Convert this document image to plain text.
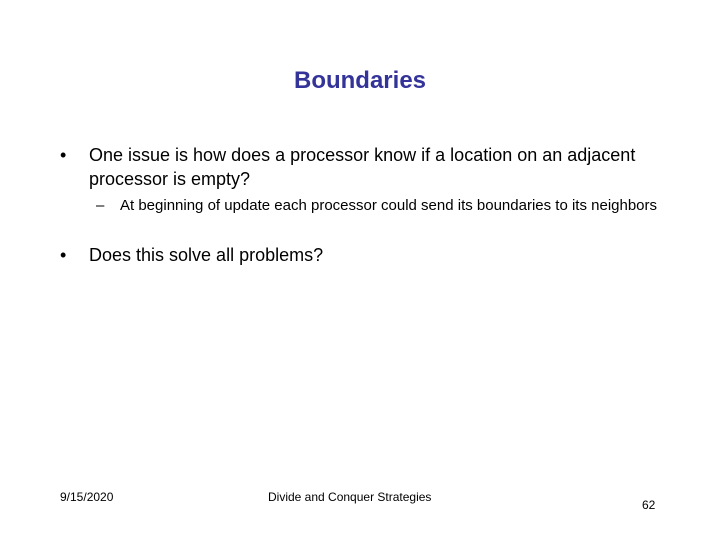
Boundaries
• One issue is how does a processor know if a location on an adjacent processor is empty?
– At beginning of update each processor could send its boundaries to its neighbors
• Does this solve all problems?
9/15/2020	Divide and Conquer Strategies
62
